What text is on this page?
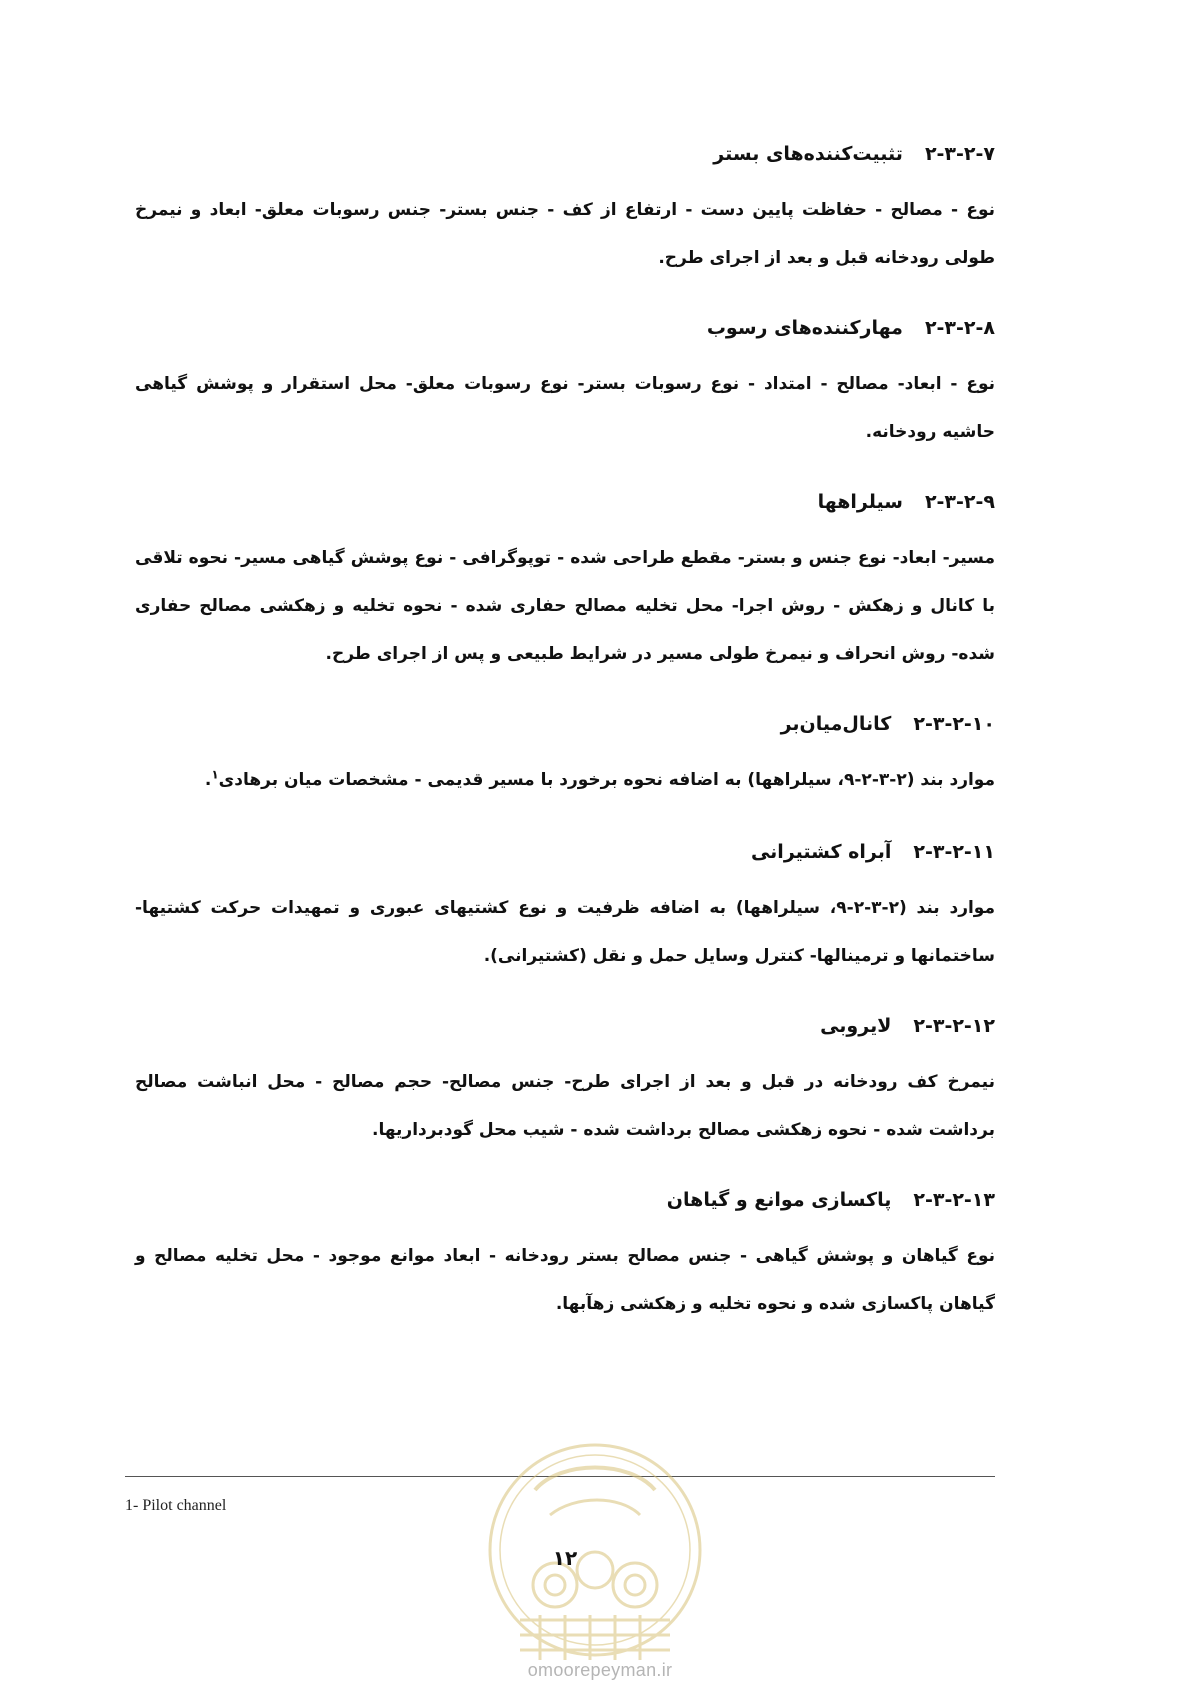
۲-۳-۲-۷تثبیت‌کننده‌های بستر

نوع - مصالح - حفاظت پایین دست - ارتفاع از کف - جنس بستر- جنس رسوبات معلق- ابعاد و نیمرخ طولی رودخانه قبل و بعد از اجرای طرح.

۲-۳-۲-۸مهارکننده‌های رسوب

نوع - ابعاد- مصالح - امتداد - نوع رسوبات بستر- نوع رسوبات معلق- محل استقرار و پوشش گیاهی حاشیه رودخانه.

۲-۳-۲-۹سیلراهها

مسیر- ابعاد- نوع جنس و بستر- مقطع طراحی شده - توپوگرافی - نوع پوشش گیاهی مسیر- نحوه تلاقی با کانال و زهکش - روش اجرا- محل تخلیه مصالح حفاری شده - نحوه تخلیه و زهکشی مصالح حفاری شده- روش انحراف و نیمرخ طولی مسیر در شرایط طبیعی و پس از اجرای طرح.

۲-۳-۲-۱۰کانال‌میان‌بر

موارد بند (۲-۳-۲-۹، سیلراهها) به اضافه نحوه برخورد با مسیر قدیمی - مشخصات میان برهادی$^۱$.

۲-۳-۲-۱۱آبراه کشتیرانی

موارد بند (۲-۳-۲-۹، سیلراهها) به اضافه ظرفیت و نوع کشتیهای عبوری و تمهیدات حرکت کشتیها- ساختمانها و ترمینالها- کنترل وسایل حمل و نقل (کشتیرانی).

۲-۳-۲-۱۲لایروبی

نیمرخ کف رودخانه در قبل و بعد از اجرای طرح- جنس مصالح- حجم مصالح - محل انباشت مصالح برداشت شده - نحوه زهکشی مصالح برداشت شده - شیب محل گودبرداریها.

۲-۳-۲-۱۳پاکسازی موانع و گیاهان

نوع گیاهان و پوشش گیاهی - جنس مصالح بستر رودخانه - ابعاد موانع موجود - محل تخلیه مصالح و گیاهان پاکسازی شده و نحوه تخلیه و زهکشی زهآبها.

1- Pilot channel
۱۲
omoorepeyman.ir
